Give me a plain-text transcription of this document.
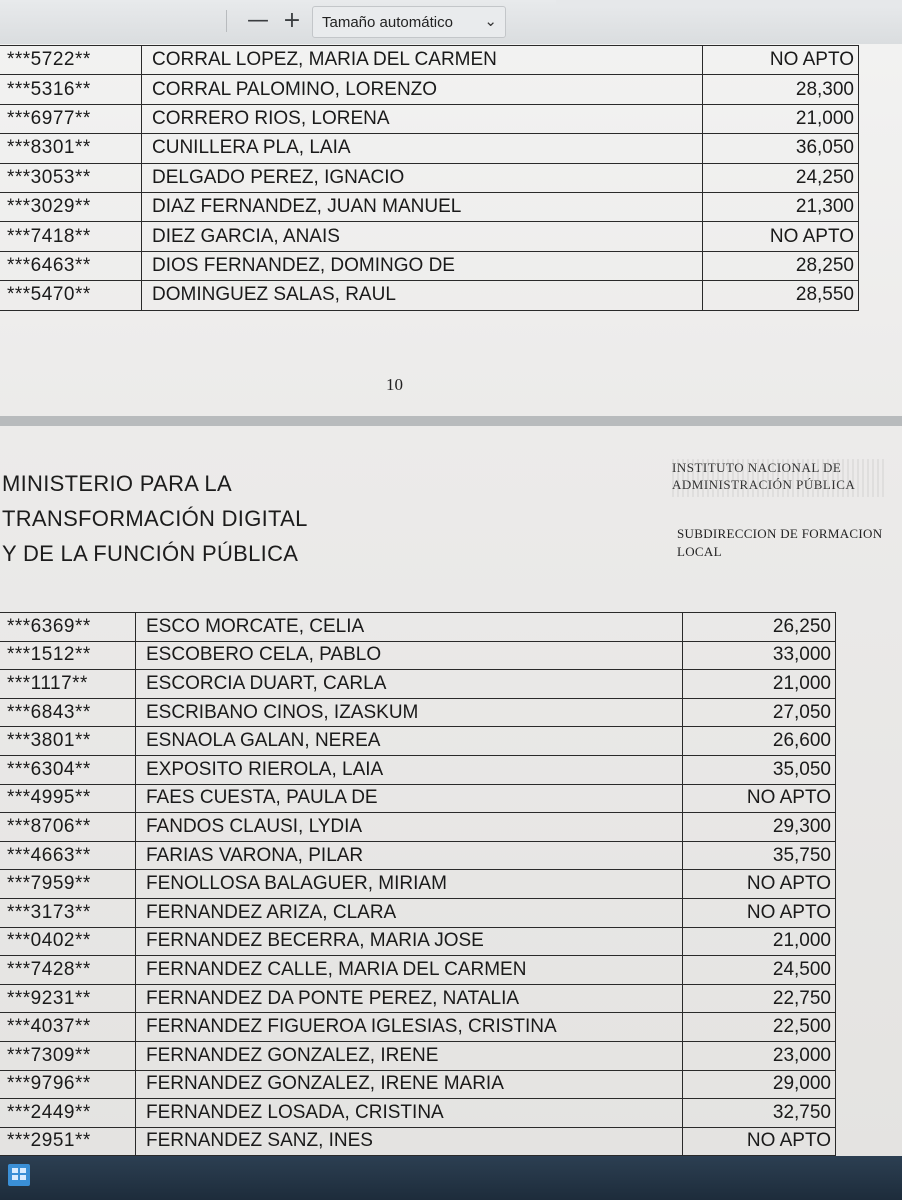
— + Tamaño automático ⌄
***5722**	CORRAL LOPEZ, MARIA DEL CARMEN	NO APTO
***5316**	CORRAL PALOMINO, LORENZO	28,300
***6977**	CORRERO RIOS, LORENA	21,000
***8301**	CUNILLERA PLA, LAIA	36,050
***3053**	DELGADO PEREZ, IGNACIO	24,250
***3029**	DIAZ FERNANDEZ, JUAN MANUEL	21,300
***7418**	DIEZ GARCIA, ANAIS	NO APTO
***6463**	DIOS FERNANDEZ, DOMINGO DE	28,250
***5470**	DOMINGUEZ SALAS, RAUL	28,550
10
MINISTERIO PARA LA
TRANSFORMACIÓN DIGITAL
Y DE LA FUNCIÓN PÚBLICA
INSTITUTO NACIONAL DE
ADMINISTRACIÓN PÚBLICA
SUBDIRECCION DE FORMACION
LOCAL
***6369**	ESCO MORCATE, CELIA	26,250
***1512**	ESCOBERO CELA, PABLO	33,000
***1117**	ESCORCIA DUART, CARLA	21,000
***6843**	ESCRIBANO CINOS, IZASKUM	27,050
***3801**	ESNAOLA GALAN, NEREA	26,600
***6304**	EXPOSITO RIEROLA, LAIA	35,050
***4995**	FAES CUESTA, PAULA DE	NO APTO
***8706**	FANDOS CLAUSI, LYDIA	29,300
***4663**	FARIAS VARONA, PILAR	35,750
***7959**	FENOLLOSA BALAGUER, MIRIAM	NO APTO
***3173**	FERNANDEZ ARIZA, CLARA	NO APTO
***0402**	FERNANDEZ BECERRA, MARIA JOSE	21,000
***7428**	FERNANDEZ CALLE, MARIA DEL CARMEN	24,500
***9231**	FERNANDEZ DA PONTE PEREZ, NATALIA	22,750
***4037**	FERNANDEZ FIGUEROA IGLESIAS, CRISTINA	22,500
***7309**	FERNANDEZ GONZALEZ, IRENE	23,000
***9796**	FERNANDEZ GONZALEZ, IRENE MARIA	29,000
***2449**	FERNANDEZ LOSADA, CRISTINA	32,750
***2951**	FERNANDEZ SANZ, INES	NO APTO
